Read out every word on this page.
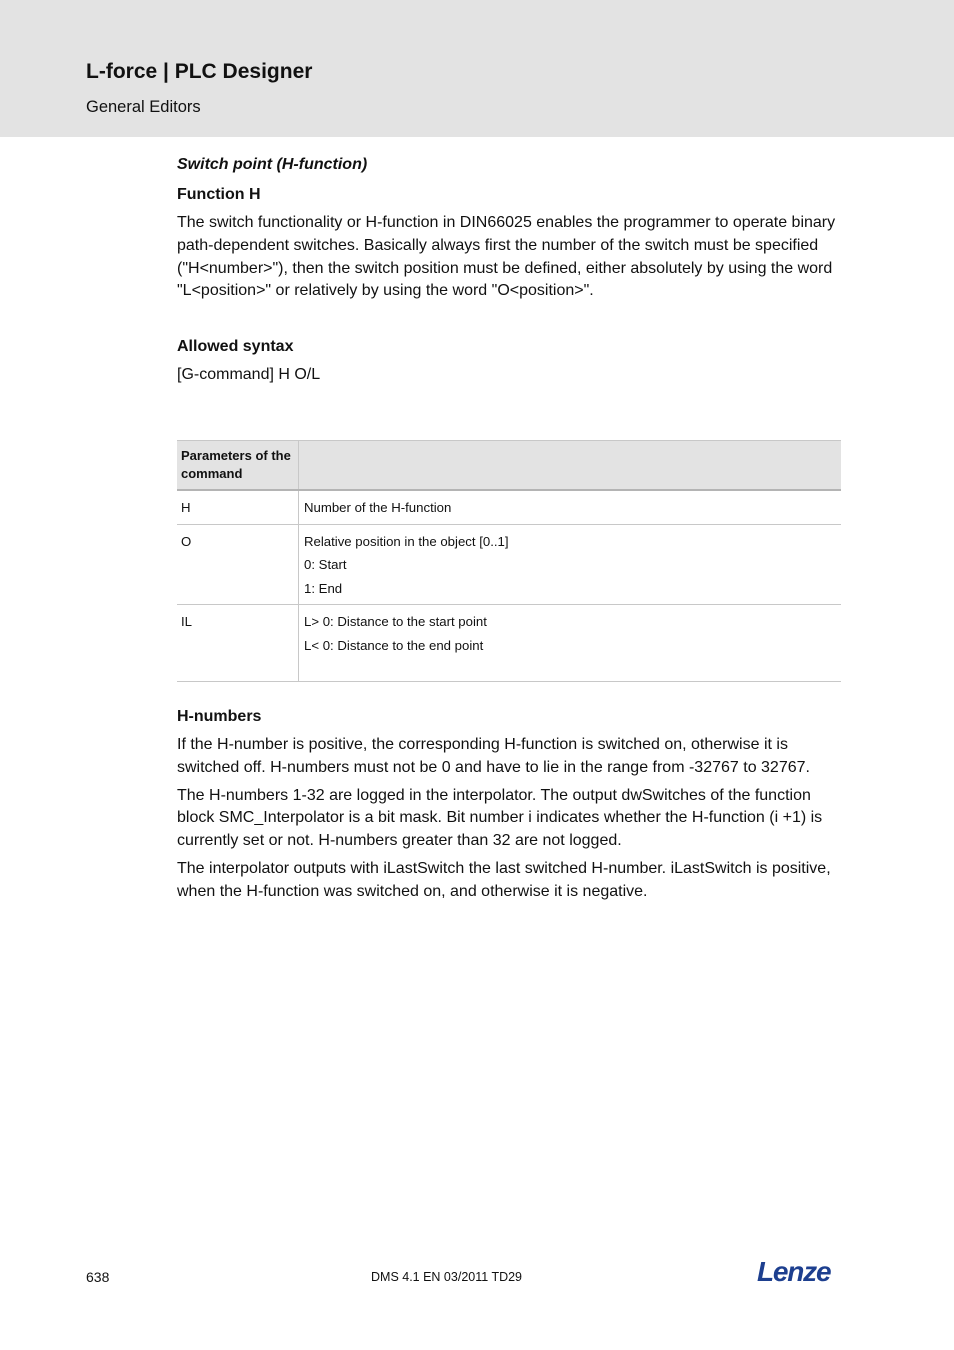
L-force | PLC Designer
General Editors
Switch point (H-function)
Function H

The switch functionality or H-function in DIN66025 enables the programmer to operate binary path-dependent switches. Basically always first the number of the switch must be specified ("H<number>"), then the switch position must be defined, either absolutely by using the word "L<position>" or relatively by using the word "O<position>".

Allowed syntax

[G-command] H O/L

Parameters of the command	
H	Number of the H-function

O	Relative position in the object [0..1]
0: Start
1: End

IL	L> 0: Distance to the start point
L< 0: Distance to the end point
H-numbers

If the H-number is positive, the corresponding H-function is switched on, otherwise it is switched off. H-numbers must not be 0 and have to lie in the range from -32767 to 32767.

The H-numbers 1-32 are logged in the interpolator. The output dwSwitches of the function block SMC_Interpolator is a bit mask. Bit number i indicates whether the H-function (i +1) is currently set or not. H-numbers greater than 32 are not logged.

The interpolator outputs with iLastSwitch the last switched H-number. iLastSwitch is positive, when the H-function was switched on, and otherwise it is negative.

638	DMS 4.1 EN 03/2011 TD29	Lenze
